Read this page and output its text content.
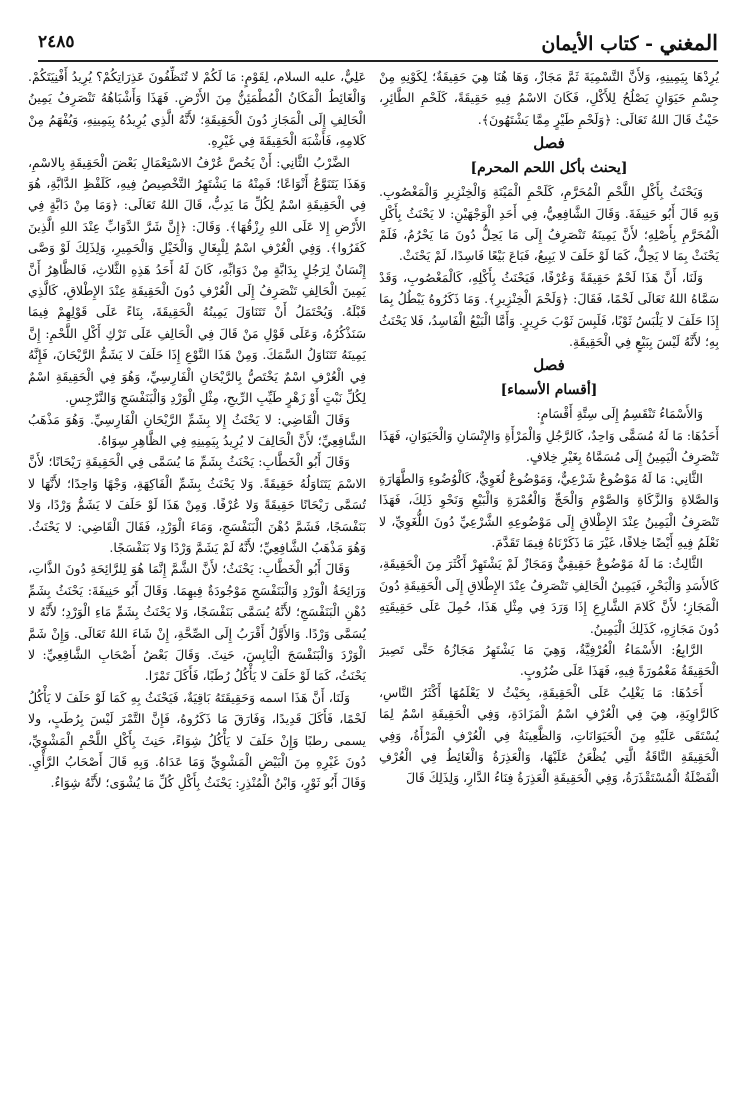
٢٤٨٥	المغني - كتاب الأيمان

يُرِدْهَا بِيَمِينِهِ، وَلأَنَّ التَّسْمِيَةَ ثَمَّ مَجَازٌ، وَهَا هُنَا هِيَ حَقِيقَةٌ؛ لِكَوْنِهِ مِنْ جِسْمِ حَيَوَانٍ يَصْلُحُ لِلأَكْلِ، فَكَانَ الاسْمُ فِيهِ حَقِيقَةً، كَلَحْمِ الطَّائِرِ، حَيْثُ قَالَ اللهُ تَعَالَى: ﴿وَلَحْمِ طَيْرٍ مِمَّا يَشْتَهُونَ﴾.

فصل
[يحنث بأكل اللحم المحرم]

وَيَحْنَثُ بِأَكْلِ اللَّحْمِ الْمُحَرَّمِ، كَلَحْمِ الْمَيْتَةِ وَالْخِنْزِيرِ وَالْمَغْصُوبِ. وَبِهِ قَالَ أَبُو حَنِيفَةَ. وَقَالَ الشَّافِعِيُّ، فِي أَحَدِ الْوَجْهَيْنِ: لا يَحْنَثُ بِأَكْلِ الْمُحَرَّمِ بِأَصْلِهِ؛ لأَنَّ يَمِينَهُ تَنْصَرِفُ إِلَى مَا يَحِلُّ دُونَ مَا يَحْرُمُ، فَلَمْ يَحْنَثْ بِمَا لا يَحِلُّ، كَمَا لَوْ حَلَفَ لا يَبِيعُ، فَبَاعَ بَيْعًا فَاسِدًا، لَمْ يَحْنَثْ.

وَلَنَا، أَنَّ هَذَا لَحْمٌ حَقِيقَةً وَعُرْفًا، فَيَحْنَثُ بِأَكْلِهِ، كَالْمَغْصُوبِ، وَقَدْ سَمَّاهُ اللهُ تَعَالَى لَحْمًا، فَقَالَ: ﴿وَلَحْمَ الْخِنْزِيرِ﴾. وَمَا ذَكَرُوهُ يَبْطُلُ بِمَا إِذَا حَلَفَ لا يَلْبَسُ ثَوْبًا، فَلَبِسَ ثَوْبَ حَرِيرٍ. وَأَمَّا الْبَيْعُ الْفَاسِدُ، فَلا يَحْنَثُ بِهِ؛ لأَنَّهُ لَيْسَ بِبَيْعٍ فِي الْحَقِيقَةِ.

فصل
[أقسام الأسماء]

وَالأَسْمَاءُ تَنْقَسِمُ إِلَى سِتَّةِ أَقْسَامٍ:

أَحَدُهَا: مَا لَهُ مُسَمًّى وَاحِدٌ، كَالرَّجُلِ وَالْمَرْأَةِ وَالإِنْسَانِ وَالْحَيَوَانِ، فَهَذَا تَنْصَرِفُ الْيَمِينُ إِلَى مُسَمَّاهُ بِغَيْرِ خِلافٍ.

الثَّانِي: مَا لَهُ مَوْضُوعٌ شَرْعِيٌّ، وَمَوْضُوعٌ لُغَوِيٌّ، كَالْوُضُوءِ وَالطَّهَارَةِ وَالصَّلاةِ وَالزَّكَاةِ وَالصَّوْمِ وَالْحَجِّ وَالْعُمْرَةِ وَالْبَيْعِ وَنَحْوِ ذَلِكَ، فَهَذَا تَنْصَرِفُ الْيَمِينُ عِنْدَ الإِطْلاقِ إِلَى مَوْضُوعِهِ الشَّرْعِيِّ دُونَ اللُّغَوِيِّ، لا نَعْلَمُ فِيهِ أَيْضًا خِلافًا، غَيْرَ مَا ذَكَرْنَاهُ فِيمَا تَقَدَّمَ.

الثَّالِثُ: مَا لَهُ مَوْضُوعٌ حَقِيقِيٌّ وَمَجَازٌ لَمْ يَشْتَهِرْ أَكْثَرَ مِنَ الْحَقِيقَةِ، كَالأَسَدِ وَالْبَحْرِ، فَيَمِينُ الْحَالِفِ تَنْصَرِفُ عِنْدَ الإِطْلاقِ إِلَى الْحَقِيقَةِ دُونَ الْمَجَازِ؛ لأَنَّ كَلامَ الشَّارِعِ إِذَا وَرَدَ فِي مِثْلِ هَذَا، حُمِلَ عَلَى حَقِيقَتِهِ دُونَ مَجَازِهِ، كَذَلِكَ الْيَمِينُ.

الرَّابِعُ: الأَسْمَاءُ الْعُرْفِيَّةُ، وَهِيَ مَا يَشْتَهِرُ مَجَازُهُ حَتَّى تَصِيرَ الْحَقِيقَةُ مَغْمُورَةً فِيهِ، فَهَذَا عَلَى ضُرُوبٍ.

أَحَدُهَا: مَا يَغْلِبُ عَلَى الْحَقِيقَةِ، بِحَيْثُ لا يَعْلَمُهَا أَكْثَرُ النَّاسِ، كَالرَّاوِيَةِ، هِيَ فِي الْعُرْفِ اسْمُ الْمَزَادَةِ، وَفِي الْحَقِيقَةِ اسْمٌ لِمَا يُسْتَقَى عَلَيْهِ مِنَ الْحَيَوَانَاتِ، وَالظَّعِينَةُ فِي الْعُرْفِ الْمَرْأَةُ، وَفِي الْحَقِيقَةِ النَّاقَةُ الَّتِي يُظْعَنُ عَلَيْهَا، وَالْعَذِرَةُ وَالْغَائِطُ فِي الْعُرْفِ الْفَضْلَةُ الْمُسْتَقْذَرَةُ، وَفِي الْحَقِيقَةِ الْعَذِرَةُ فِنَاءُ الدَّارِ، وَلِذَلِكَ قَالَ

عَلِيٌّ، عليه السلام، لِقَوْمٍ: مَا لَكُمْ لا تُنَظِّفُونَ عَذِرَاتِكُمْ؟ يُرِيدُ أَفْنِيَتَكُمْ. وَالْغَائِطُ الْمَكَانُ الْمُطْمَئِنُّ مِنَ الأَرْضِ. فَهَذَا وَأَشْبَاهُهُ تَنْصَرِفُ يَمِينُ الْحَالِفِ إِلَى الْمَجَازِ دُونَ الْحَقِيقَةِ؛ لأَنَّهُ الَّذِي يُرِيدُهُ بِيَمِينِهِ، وَيُفْهَمُ مِنْ كَلامِهِ، فَأَشْبَهَ الْحَقِيقَةَ فِي غَيْرِهِ.

الضَّرْبُ الثَّانِي: أَنْ يَخُصَّ عُرْفُ الاسْتِعْمَالِ بَعْضَ الْحَقِيقَةِ بِالاسْمِ، وَهَذَا يَتَنَوَّعُ أَنْوَاعًا؛ فَمِنْهُ مَا يَشْتَهِرُ التَّخْصِيصُ فِيهِ، كَلَفْظِ الدَّابَّةِ، هُوَ فِي الْحَقِيقَةِ اسْمٌ لِكُلِّ مَا يَدِبُّ، قَالَ اللهُ تَعَالَى: ﴿وَمَا مِنْ دَابَّةٍ فِي الأَرْضِ إِلا عَلَى اللهِ رِزْقُهَا﴾. وَقَالَ: ﴿إِنَّ شَرَّ الدَّوَابِّ عِنْدَ اللهِ الَّذِينَ كَفَرُوا﴾. وَفِي الْعُرْفِ اسْمٌ لِلْبِغَالِ وَالْخَيْلِ وَالْحَمِيرِ، وَلِذَلِكَ لَوْ وَصَّى إِنْسَانٌ لِرَجُلٍ بِدَابَّةٍ مِنْ دَوَابِّهِ، كَانَ لَهُ أَحَدُ هَذِهِ الثَّلاثِ، فَالظَّاهِرُ أَنَّ يَمِينَ الْحَالِفِ تَنْصَرِفُ إِلَى الْعُرْفِ دُونَ الْحَقِيقَةِ عِنْدَ الإِطْلاقِ، كَالَّذِي قَبْلَهُ. وَيُحْتَمَلُ أَنْ تَتَنَاوَلَ يَمِينُهُ الْحَقِيقَةَ، بِنَاءً عَلَى قَوْلِهِمْ فِيمَا سَنَذْكُرُهُ، وَعَلَى قَوْلِ مَنْ قَالَ فِي الْحَالِفِ عَلَى تَرْكِ أَكْلِ اللَّحْمِ: إِنَّ يَمِينَهُ تَتَنَاوَلُ السَّمَكَ. وَمِنْ هَذَا النَّوْعِ إِذَا حَلَفَ لا يَشَمُّ الرَّيْحَانَ، فَإِنَّهُ فِي الْعُرْفِ اسْمٌ يَخْتَصُّ بِالرَّيْحَانِ الْفَارِسِيِّ، وَهُوَ فِي الْحَقِيقَةِ اسْمٌ لِكُلِّ نَبْتٍ أَوْ زَهْرٍ طَيِّبِ الرِّيحِ، مِثْلِ الْوَرْدِ وَالْبَنَفْسَجِ وَالنَّرْجِسِ.

وَقَالَ الْقَاضِي: لا يَحْنَثُ إِلا بِشَمِّ الرَّيْحَانِ الْفَارِسِيِّ. وَهُوَ مَذْهَبُ الشَّافِعِيِّ؛ لأَنَّ الْحَالِفَ لا يُرِيدُ بِيَمِينِهِ فِي الظَّاهِرِ سِوَاهُ.

وَقَالَ أَبُو الْخَطَّابِ: يَحْنَثُ بِشَمِّ مَا يُسَمَّى فِي الْحَقِيقَةِ رَيْحَانًا؛ لأَنَّ الاسْمَ يَتَنَاوَلُهُ حَقِيقَةً. وَلا يَحْنَثُ بِشَمِّ الْفَاكِهَةِ، وَجْهًا وَاحِدًا؛ لأَنَّهَا لا تُسَمَّى رَيْحَانًا حَقِيقَةً وَلا عُرْفًا. وَمِنْ هَذَا لَوْ حَلَفَ لا يَشَمُّ وَرْدًا، وَلا بَنَفْسَجًا، فَشَمَّ دُهْنَ الْبَنَفْسَجِ، وَمَاءَ الْوَرْدِ، فَقَالَ الْقَاضِي: لا يَحْنَثُ. وَهُوَ مَذْهَبُ الشَّافِعِيِّ؛ لأَنَّهُ لَمْ يَشَمَّ وَرْدًا وَلا بَنَفْسَجًا.

وَقَالَ أَبُو الْخَطَّابِ: يَحْنَثُ؛ لأَنَّ الشَّمَّ إِنَّمَا هُوَ لِلرَّائِحَةِ دُونَ الذَّاتِ، وَرَائِحَةُ الْوَرْدِ وَالْبَنَفْسَجِ مَوْجُودَةٌ فِيهِمَا. وَقَالَ أَبُو حَنِيفَةَ: يَحْنَثُ بِشَمِّ دُهْنِ الْبَنَفْسَجِ؛ لأَنَّهُ يُسَمَّى بَنَفْسَجًا، وَلا يَحْنَثُ بِشَمِّ مَاءِ الْوَرْدِ؛ لأَنَّهُ لا يُسَمَّى وَرْدًا. وَالأَوَّلُ أَقْرَبُ إِلَى الصِّحَّةِ، إِنْ شَاءَ اللهُ تَعَالَى. وَإِنْ شَمَّ الْوَرْدَ وَالْبَنَفْسَجَ الْيَابِسَ، حَنِثَ. وَقَالَ بَعْضُ أَصْحَابِ الشَّافِعِيِّ: لا يَحْنَثُ، كَمَا لَوْ حَلَفَ لا يَأْكُلُ رُطَبًا، فَأَكَلَ تَمْرًا.

وَلَنَا، أَنَّ هَذَا اسمه وَحَقِيقَتَهُ بَاقِيَةٌ، فَيَحْنَثُ بِهِ كَمَا لَوْ حَلَفَ لا يَأْكُلُ لَحْمًا، فَأَكَلَ قَدِيدًا، وَفَارَقَ مَا ذَكَرُوهُ، فَإِنَّ التَّمْرَ لَيْسَ بِرُطَبٍ، ولا يسمى رطبًا وَإِنْ حَلَفَ لا يَأْكُلُ شِوَاءً، حَنِثَ بِأَكْلِ اللَّحْمِ الْمَشْوِيِّ، دُونَ غَيْرِهِ مِنَ الْبَيْضِ الْمَشْوِيِّ وَمَا عَدَاهُ. وَبِهِ قَالَ أَصْحَابُ الرَّأْيِ. وَقَالَ أَبُو ثَوْرٍ، وَابْنُ الْمُنْذِرِ: يَحْنَثُ بِأَكْلِ كُلِّ مَا يُشْوَى؛ لأَنَّهُ شِوَاءٌ.
